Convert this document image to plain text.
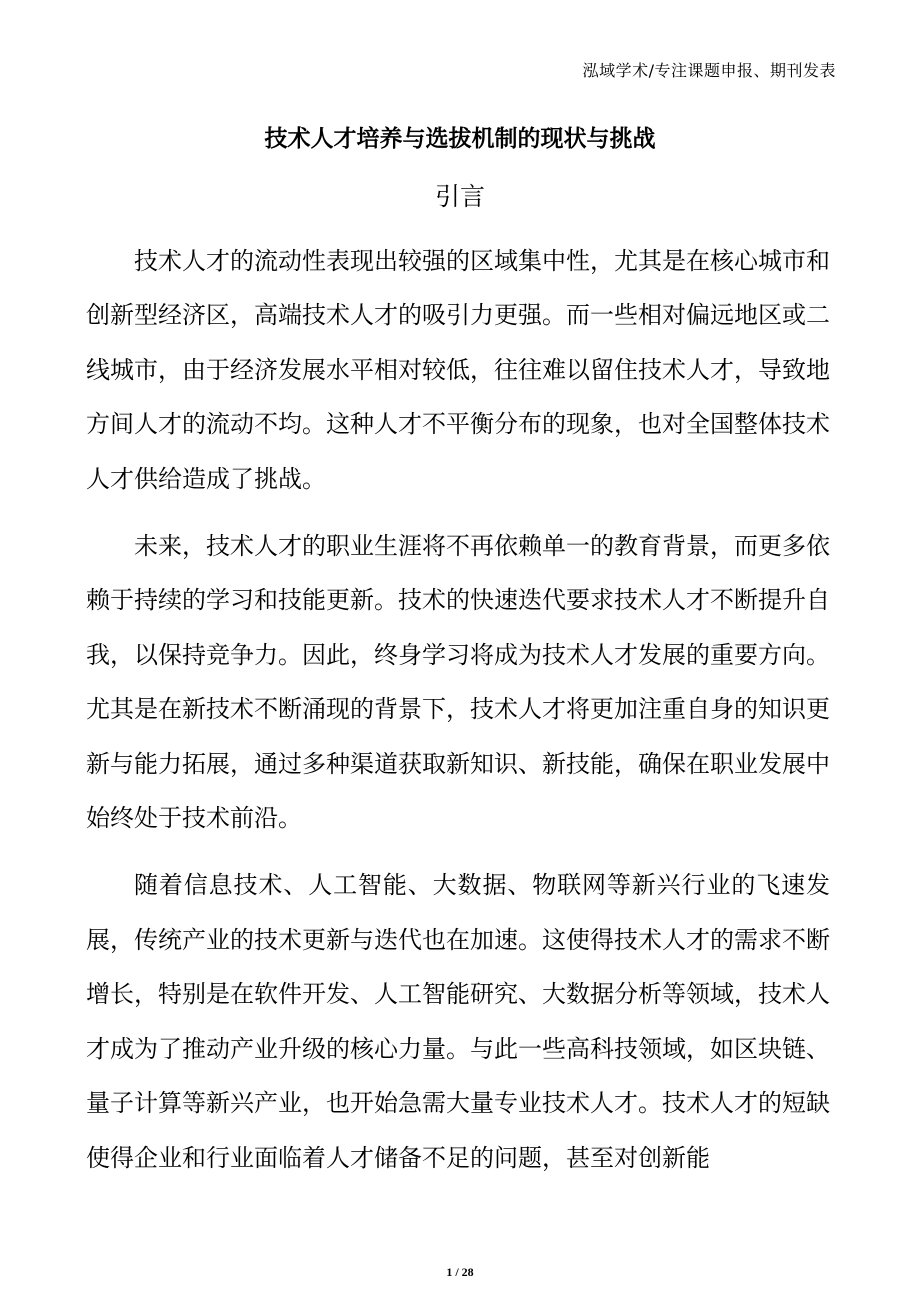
泓域学术/专注课题申报、期刊发表
技术人才培养与选拔机制的现状与挑战
引言

技术人才的流动性表现出较强的区域集中性，尤其是在核心城市和创新型经济区，高端技术人才的吸引力更强。而一些相对偏远地区或二线城市，由于经济发展水平相对较低，往往难以留住技术人才，导致地方间人才的流动不均。这种人才不平衡分布的现象，也对全国整体技术人才供给造成了挑战。

未来，技术人才的职业生涯将不再依赖单一的教育背景，而更多依赖于持续的学习和技能更新。技术的快速迭代要求技术人才不断提升自我，以保持竞争力。因此，终身学习将成为技术人才发展的重要方向。尤其是在新技术不断涌现的背景下，技术人才将更加注重自身的知识更新与能力拓展，通过多种渠道获取新知识、新技能，确保在职业发展中始终处于技术前沿。

随着信息技术、人工智能、大数据、物联网等新兴行业的飞速发展，传统产业的技术更新与迭代也在加速。这使得技术人才的需求不断增长，特别是在软件开发、人工智能研究、大数据分析等领域，技术人才成为了推动产业升级的核心力量。与此一些高科技领域，如区块链、量子计算等新兴产业，也开始急需大量专业技术人才。技术人才的短缺使得企业和行业面临着人才储备不足的问题，甚至对创新能

1 / 28
